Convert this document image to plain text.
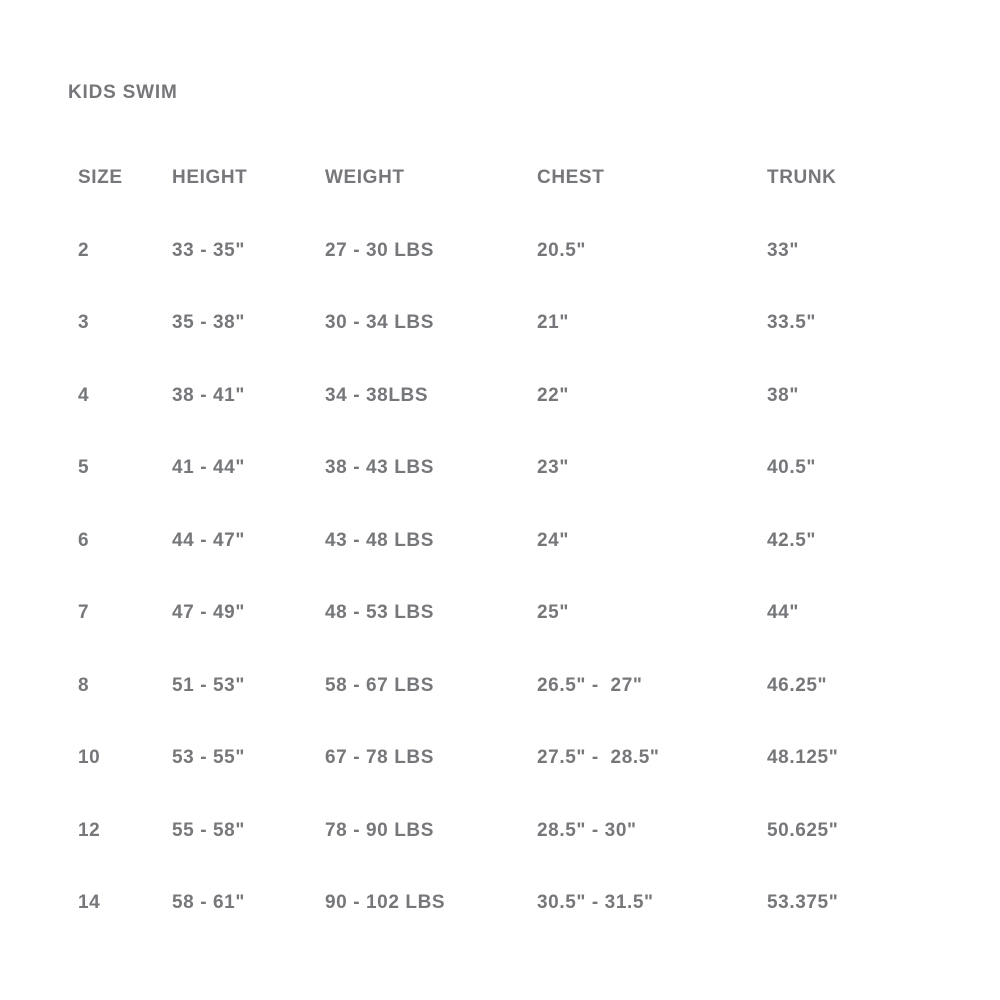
KIDS SWIM
SIZE	HEIGHT	WEIGHT	CHEST	TRUNK
2	33 - 35"	27 - 30 LBS	20.5"	33"
3	35 - 38"	30 - 34 LBS	21"	33.5"
4	38 - 41"	34 - 38LBS	22"	38"
5	41 - 44"	38 - 43 LBS	23"	40.5"
6	44 - 47"	43 - 48 LBS	24"	42.5"
7	47 - 49"	48 - 53 LBS	25"	44"
8	51 - 53"	58 - 67 LBS	26.5" -  27"	46.25"
10	53 - 55"	67 - 78 LBS	27.5" -  28.5"	48.125"
12	55 - 58"	78 - 90 LBS	28.5" - 30"	50.625"
14	58 - 61"	90 - 102 LBS	30.5" - 31.5"	53.375"
